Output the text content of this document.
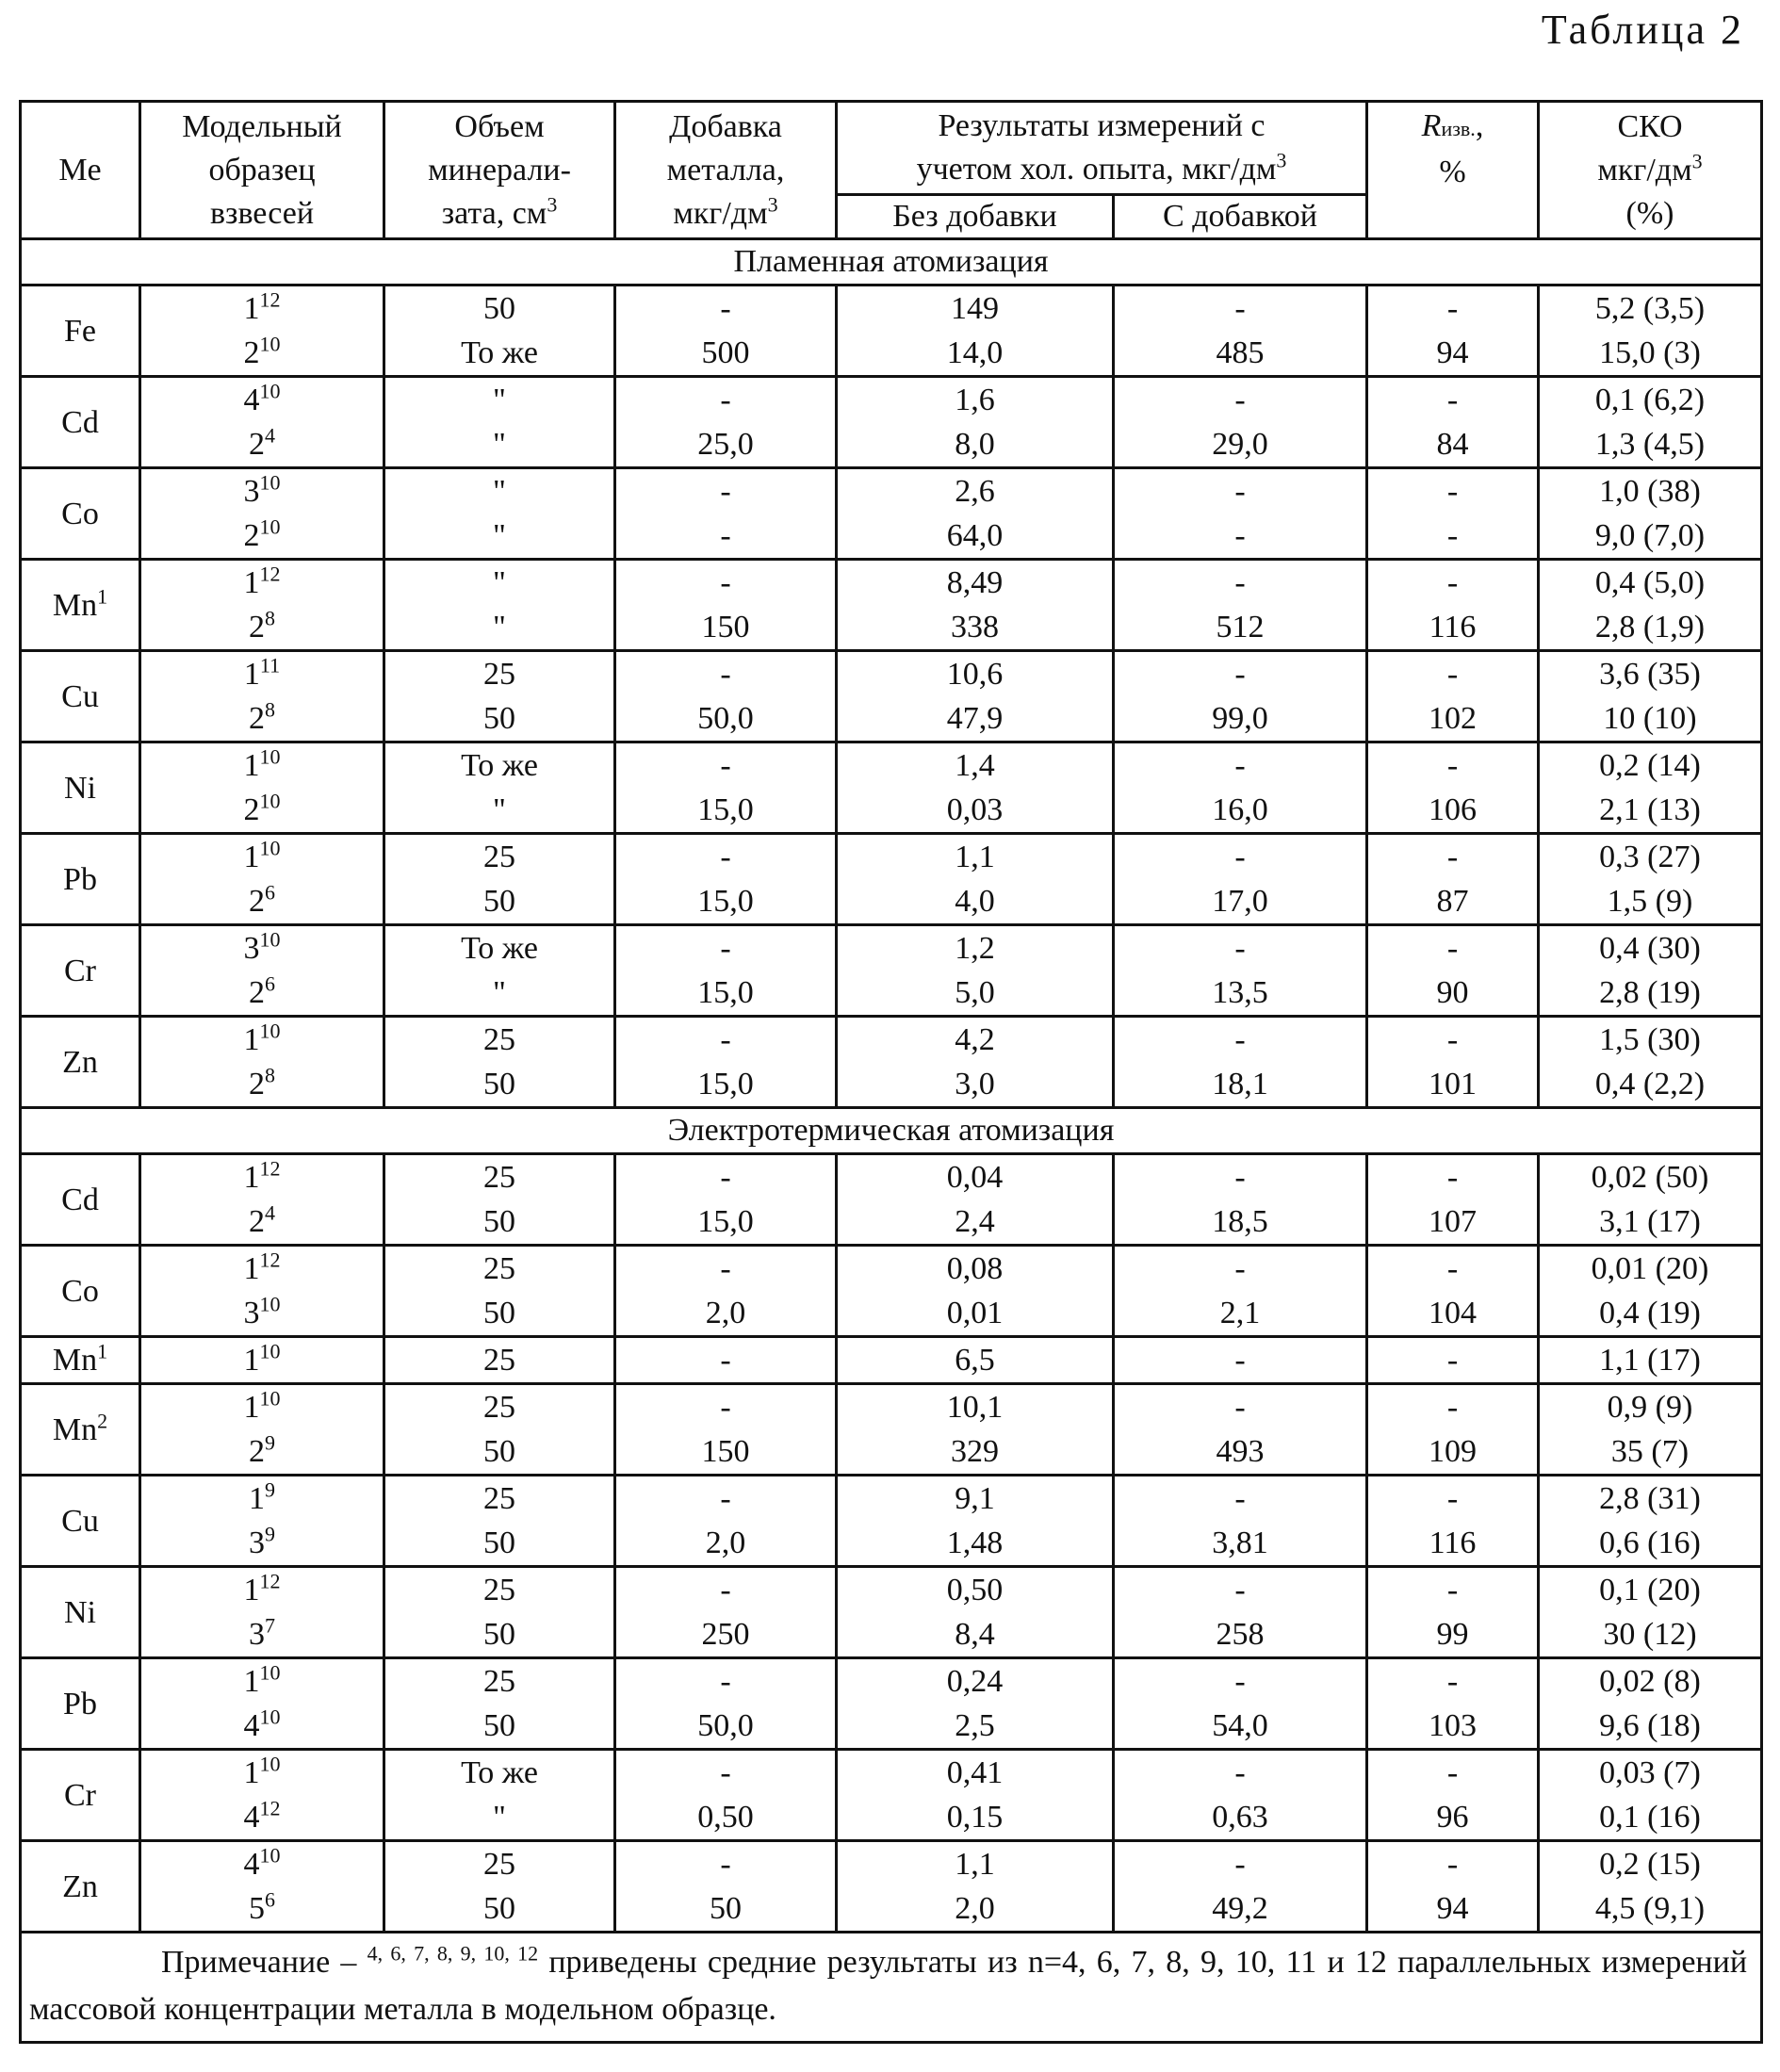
Таблица 2
Me	
Модельный
образец
взвесей

Объем
минерали-
зата, см3

Добавка
металла,
мкг/дм3

Результаты измерений с
учетом хол. опыта, мкг/дм3

Rизв.,
%

СКО
мкг/дм3
(%)

Без добавки	С добавкой
Пламенная атомизация
Fe	
112
210

50
То же

-
500

149
14,0

-
485

-
94

5,2 (3,5)
15,0 (3)

Cd	
410
24

"
"

-
25,0

1,6
8,0

-
29,0

-
84

0,1 (6,2)
1,3 (4,5)

Co	
310
210

"
"

-
-

2,6
64,0

-
-

-
-

1,0 (38)
9,0 (7,0)

Mn1	112
28

"
"

-
150

8,49
338

-
512

-
116

0,4 (5,0)
2,8 (1,9)

Cu	
111
28

25
50

-
50,0

10,6
47,9

-
99,0

-
102

3,6 (35)
10 (10)

Ni	
110
210

То же
"

-
15,0

1,4
0,03

-
16,0

-
106

0,2 (14)
2,1 (13)

Pb	
110
26

25
50

-
15,0

1,1
4,0

-
17,0

-
87

0,3 (27)
1,5 (9)

Cr	
310
26

То же
"

-
15,0

1,2
5,0

-
13,5

-
90

0,4 (30)
2,8 (19)

Zn	
110
28

25
50

-
15,0

4,2
3,0

-
18,1

-
101

1,5 (30)
0,4 (2,2)

Электротермическая атомизация
Cd	
112
24

25
50

-
15,0

0,04
2,4

-
18,5

-
107

0,02 (50)
3,1 (17)

Co	
112
310

25
50

-
2,0

0,08
0,01

-
2,1

-
104

0,01 (20)
0,4 (19)

Mn1	110	25	-	6,5	-	-	1,1 (17)

Mn2	110
29

25
50

-
150

10,1
329

-
493

-
109

0,9 (9)
35 (7)

Cu	
19
39

25
50

-
2,0

9,1
1,48

-
3,81

-
116

2,8 (31)
0,6 (16)

Ni	
112
37

25
50

-
250

0,50
8,4

-
258

-
99

0,1 (20)
30 (12)

Pb	
110
410

25
50

-
50,0

0,24
2,5

-
54,0

-
103

0,02 (8)
9,6 (18)

Cr	
110
412

То же
"

-
0,50

0,41
0,15

-
0,63

-
96

0,03 (7)
0,1 (16)

Zn	
410
56

25
50

-
50

1,1
2,0

-
49,2

-
94

0,2 (15)
4,5 (9,1)

Примечание – 4, 6, 7, 8, 9, 10, 12 приведены средние результаты из n=4, 6, 7, 8, 9, 10, 11 и 12 параллельных измерений массовой концентрации металла в модельном образце.
